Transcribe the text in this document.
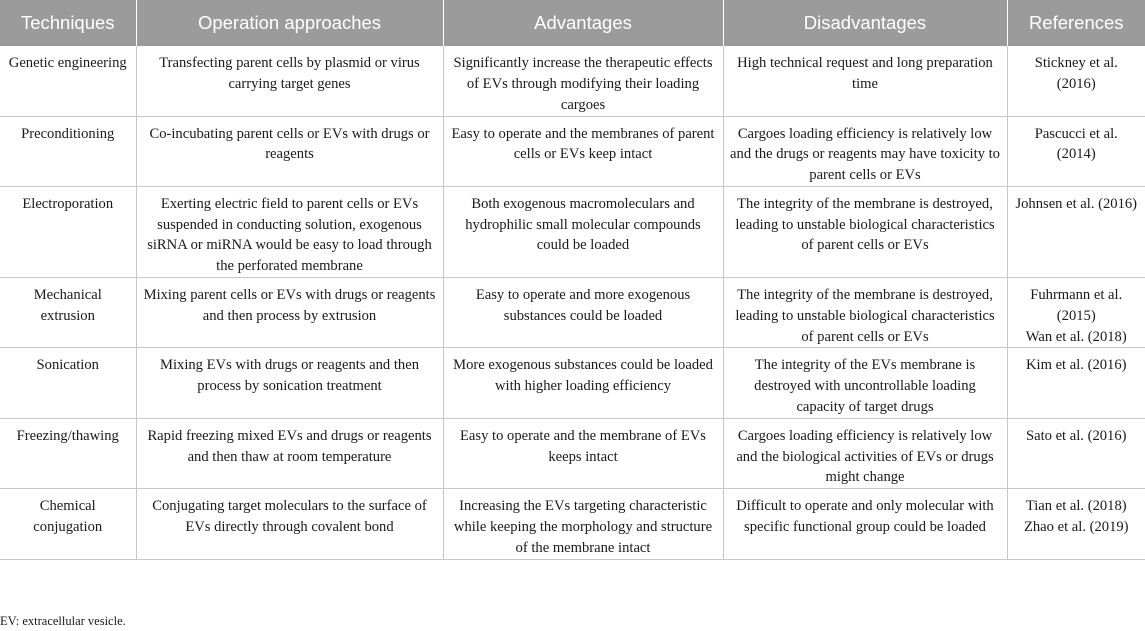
Techniques	Operation approaches	Advantages	Disadvantages	References
Genetic engineering	Transfecting parent cells by plasmid or virus carrying target genes	Significantly increase the therapeutic effects of EVs through modifying their loading cargoes	High technical request and long preparation time	Stickney et al. (2016)

Preconditioning	Co-incubating parent cells or EVs with drugs or reagents	Easy to operate and the membranes of parent cells or EVs keep intact	Cargoes loading efficiency is relatively low and the drugs or reagents may have toxicity to parent cells or EVs	Pascucci et al. (2014)

Electroporation	Exerting electric field to parent cells or EVs suspended in conducting solution, exogenous siRNA or miRNA would be easy to load through the perforated membrane	Both exogenous macromoleculars and hydrophilic small molecular compounds could be loaded	The integrity of the membrane is destroyed, leading to unstable biological characteristics of parent cells or EVs	Johnsen et al. (2016)

Mechanical extrusion	Mixing parent cells or EVs with drugs or reagents and then process by extrusion	Easy to operate and more exogenous substances could be loaded	The integrity of the membrane is destroyed, leading to unstable biological characteristics of parent cells or EVs	Fuhrmann et al. (2015)
Wan et al. (2018)

Sonication	Mixing EVs with drugs or reagents and then process by sonication treatment	More exogenous substances could be loaded with higher loading efficiency	The integrity of the EVs membrane is destroyed with uncontrollable loading capacity of target drugs	Kim et al. (2016)

Freezing/thawing	Rapid freezing mixed EVs and drugs or reagents and then thaw at room temperature	Easy to operate and the membrane of EVs keeps intact	Cargoes loading efficiency is relatively low and the biological activities of EVs or drugs might change	Sato et al. (2016)

Chemical conjugation	Conjugating target moleculars to the surface of EVs directly through covalent bond	Increasing the EVs targeting characteristic while keeping the morphology and structure of the membrane intact	Difficult to operate and only molecular with specific functional group could be loaded	Tian et al. (2018)
Zhao et al. (2019)
EV: extracellular vesicle.
